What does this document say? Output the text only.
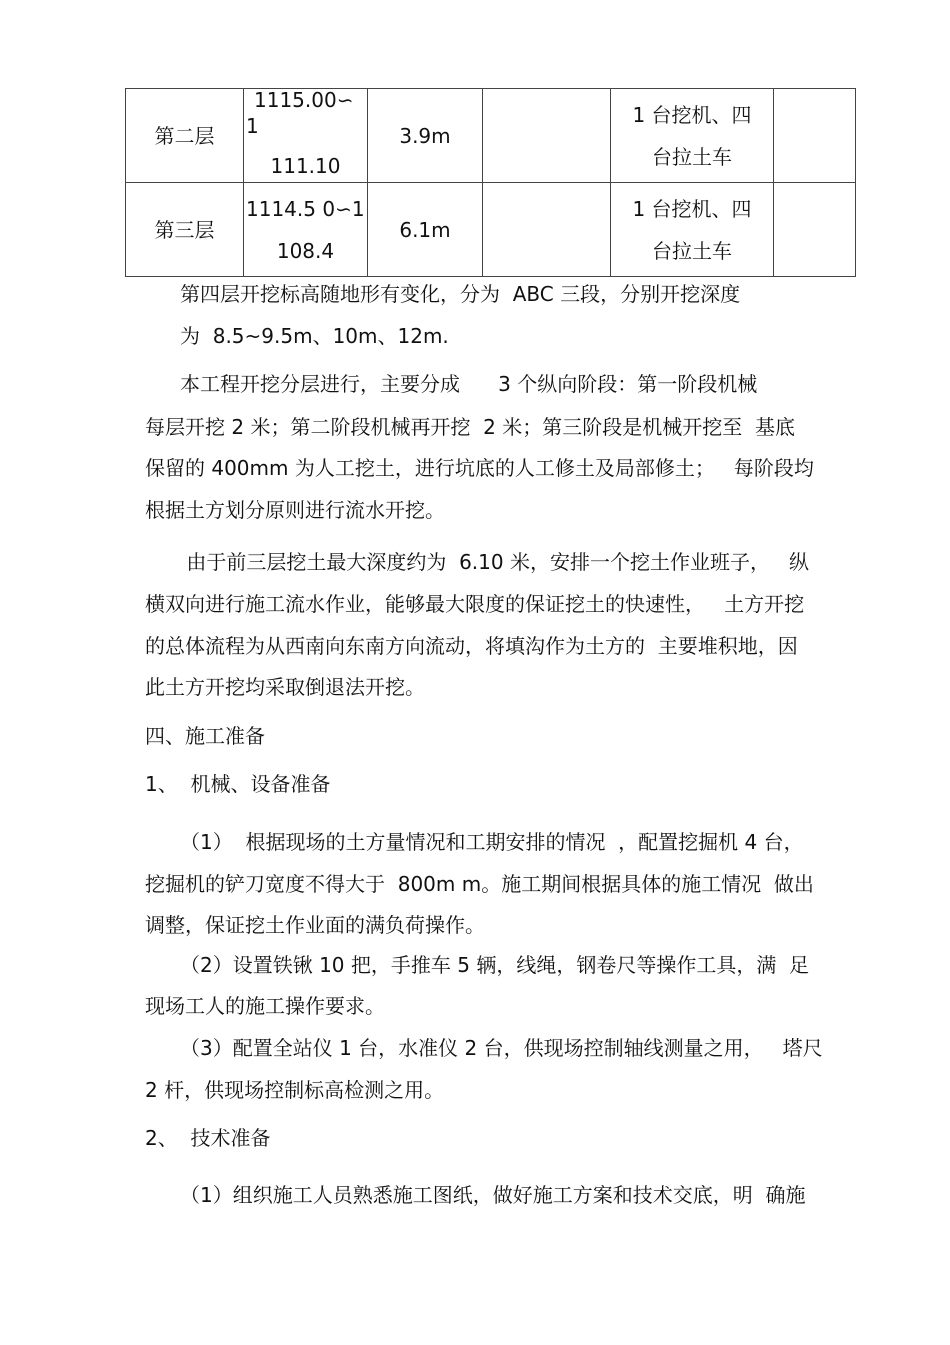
第二层	1115.00∽
1
111.10	3.9m		1 台挖机、四
台拉土车	

第三层	1114.5 0∽1
108.4	6.1m		1 台挖机、四
台拉土车	

第四层开挖标高随地形有变化，分为  ABC 三段，分别开挖深度
为  8.5~9.5m、10m、12m.
本工程开挖分层进行，主要分成      3 个纵向阶段：第一阶段机械
每层开挖 2 米；第二阶段机械再开挖  2 米；第三阶段是机械开挖至  基底
保留的 400mm 为人工挖土，进行坑底的人工修土及局部修土；   每阶段均
根据土方划分原则进行流水开挖。
由于前三层挖土最大深度约为  6.10 米，安排一个挖土作业班子，   纵
横双向进行施工流水作业，能够最大限度的保证挖土的快速性，   土方开挖
的总体流程为从西南向东南方向流动，将填沟作为土方的  主要堆积地，因
此土方开挖均采取倒退法开挖。
四、施工准备
1、  机械、设备准备
（1）  根据现场的土方量情况和工期安排的情况  ，配置挖掘机 4 台，
挖掘机的铲刀宽度不得大于  800m m。施工期间根据具体的施工情况  做出
调整，保证挖土作业面的满负荷操作。
（2）设置铁锹 10 把，手推车 5 辆，线绳，钢卷尺等操作工具，满  足
现场工人的施工操作要求。
（3）配置全站仪 1 台，水准仪 2 台，供现场控制轴线测量之用，   塔尺
2 杆，供现场控制标高检测之用。
2、  技术准备
（1）组织施工人员熟悉施工图纸，做好施工方案和技术交底，明  确施
